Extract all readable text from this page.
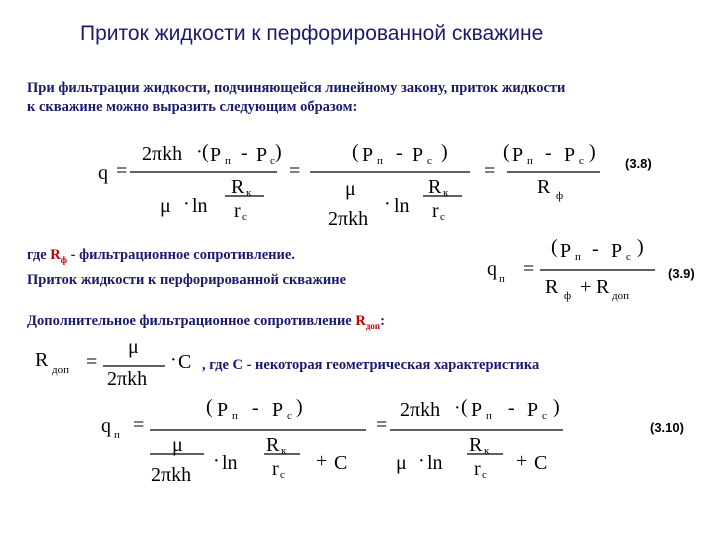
Приток жидкости к перфорированной скважине
При фильтрации жидкости, подчиняющейся линейному закону, приток жидкости
к скважине можно выразить следующим образом:
q =
2πkh · ( P п - P с )
μ · ln
R к
r с
=
( P п - P с )
μ
2πkh
· ln
R к
r с
=
( P п - P с )
R ф
(3.8)
где $R_ф$ - фильтрационное сопротивление.
Приток жидкости к перфорированной скважине	q п =
( P п - P с )
R ф + R доп
(3.9)
Дополнительное фильтрационное сопротивление $R_{доп}$:
R доп =
μ
2πkh
· C , где С - некоторая геометрическая характеристика
q п =
( P п - P с )
μ
2πkh
· ln
R к
r с
+ C
=
2πkh · ( P п - P с )
μ · ln
R к
r с
+ С
(3.10)
